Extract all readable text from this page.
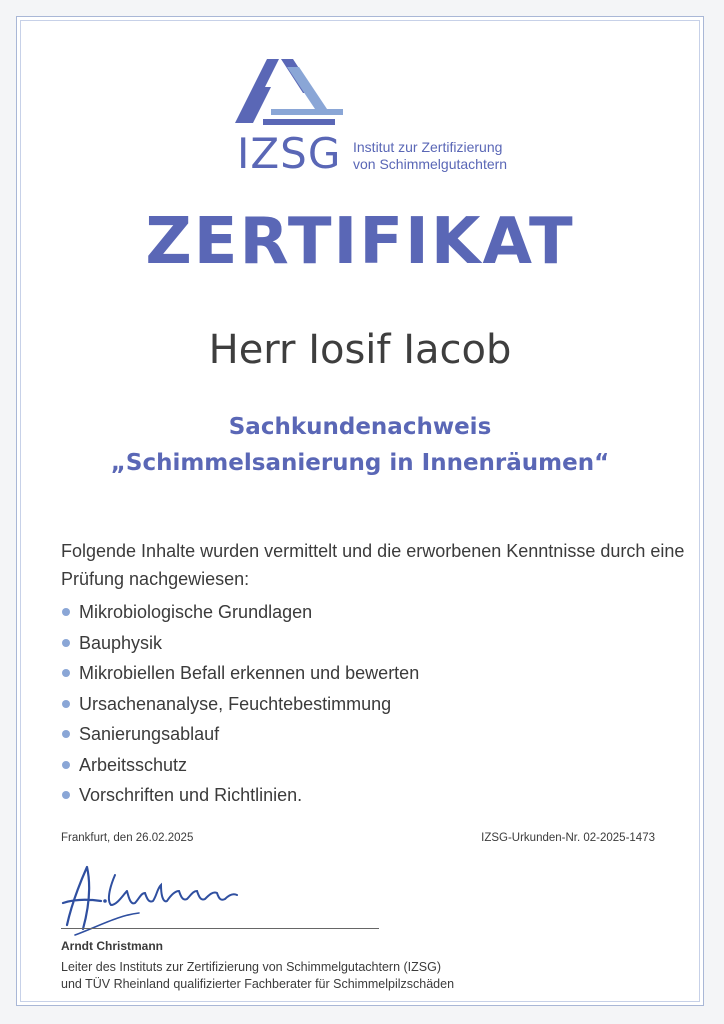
IZSG Institut zur Zertifizierung
von Schimmelgutachtern
ZERTIFIKAT
Herr Iosif Iacob
Sachkundenachweis
„Schimmelsanierung in Innenräumen“
Folgende Inhalte wurden vermittelt und die erworbenen Kenntnisse durch eine Prüfung nachgewiesen:
Mikrobiologische Grundlagen
Bauphysik
Mikrobiellen Befall erkennen und bewerten
Ursachenanalyse, Feuchtebestimmung
Sanierungsablauf
Arbeitsschutz
Vorschriften und Richtlinien.
Frankfurt, den 26.02.2025	IZSG-Urkunden-Nr. 02-2025-1473
Arndt Christmann
Leiter des Instituts zur Zertifizierung von Schimmelgutachtern (IZSG)
und TÜV Rheinland qualifizierter Fachberater für Schimmelpilzschäden
